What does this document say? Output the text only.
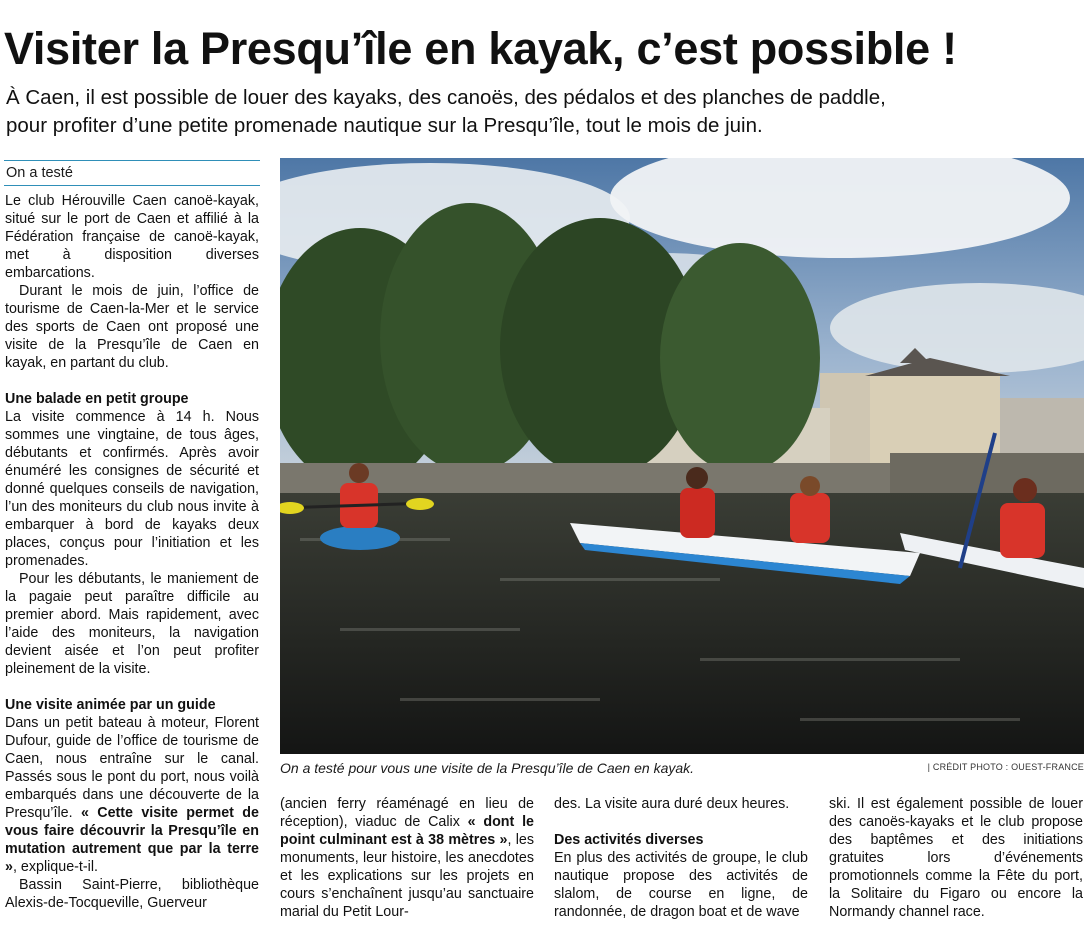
Visiter la Presqu’île en kayak, c’est possible !
À Caen, il est possible de louer des kayaks, des canoës, des pédalos et des planches de paddle,
pour profiter d’une petite promenade nautique sur la Presqu’île, tout le mois de juin.
On a testé

Le club Hérouville Caen canoë-kayak, situé sur le port de Caen et affilié à la Fédération française de canoë-kayak, met à disposition diverses embarcations.

Durant le mois de juin, l’office de tourisme de Caen-la-Mer et le service des sports de Caen ont proposé une visite de la Presqu’île de Caen en kayak, en partant du club.

Une balade en petit groupe

La visite commence à 14 h. Nous sommes une vingtaine, de tous âges, débutants et confirmés. Après avoir énuméré les consignes de sécurité et donné quelques conseils de navigation, l’un des moniteurs du club nous invite à embarquer à bord de kayaks deux places, conçus pour l’initiation et les promenades.

Pour les débutants, le maniement de la pagaie peut paraître difficile au premier abord. Mais rapidement, avec l’aide des moniteurs, la navigation devient aisée et l’on peut profiter pleinement de la visite.

Une visite animée par un guide

Dans un petit bateau à moteur, Florent Dufour, guide de l’office de tourisme de Caen, nous entraîne sur le canal. Passés sous le pont du port, nous voilà embarqués dans une découverte de la Presqu’île. « Cette visite permet de vous faire découvrir la Presqu’île en mutation autrement que par la terre », explique-t-il.

Bassin Saint-Pierre, bibliothèque Alexis-de-Tocqueville, Guerveur

On a testé pour vous une visite de la Presqu’île de Caen en kayak.	| CRÉDIT PHOTO : OUEST-FRANCE

(ancien ferry réaménagé en lieu de réception), viaduc de Calix « dont le point culminant est à 38 mètres », les monuments, leur histoire, les anecdotes et les explications sur les projets en cours s’enchaînent jusqu’au sanctuaire marial du Petit Lour-

des. La visite aura duré deux heures.

Des activités diverses

En plus des activités de groupe, le club nautique propose des activités de slalom, de course en ligne, de randonnée, de dragon boat et de wave

ski. Il est également possible de louer des canoës-kayaks et le club propose des baptêmes et des initiations gratuites lors d’événements promotionnels comme la Fête du port, la Solitaire du Figaro ou encore la Normandy channel race.
